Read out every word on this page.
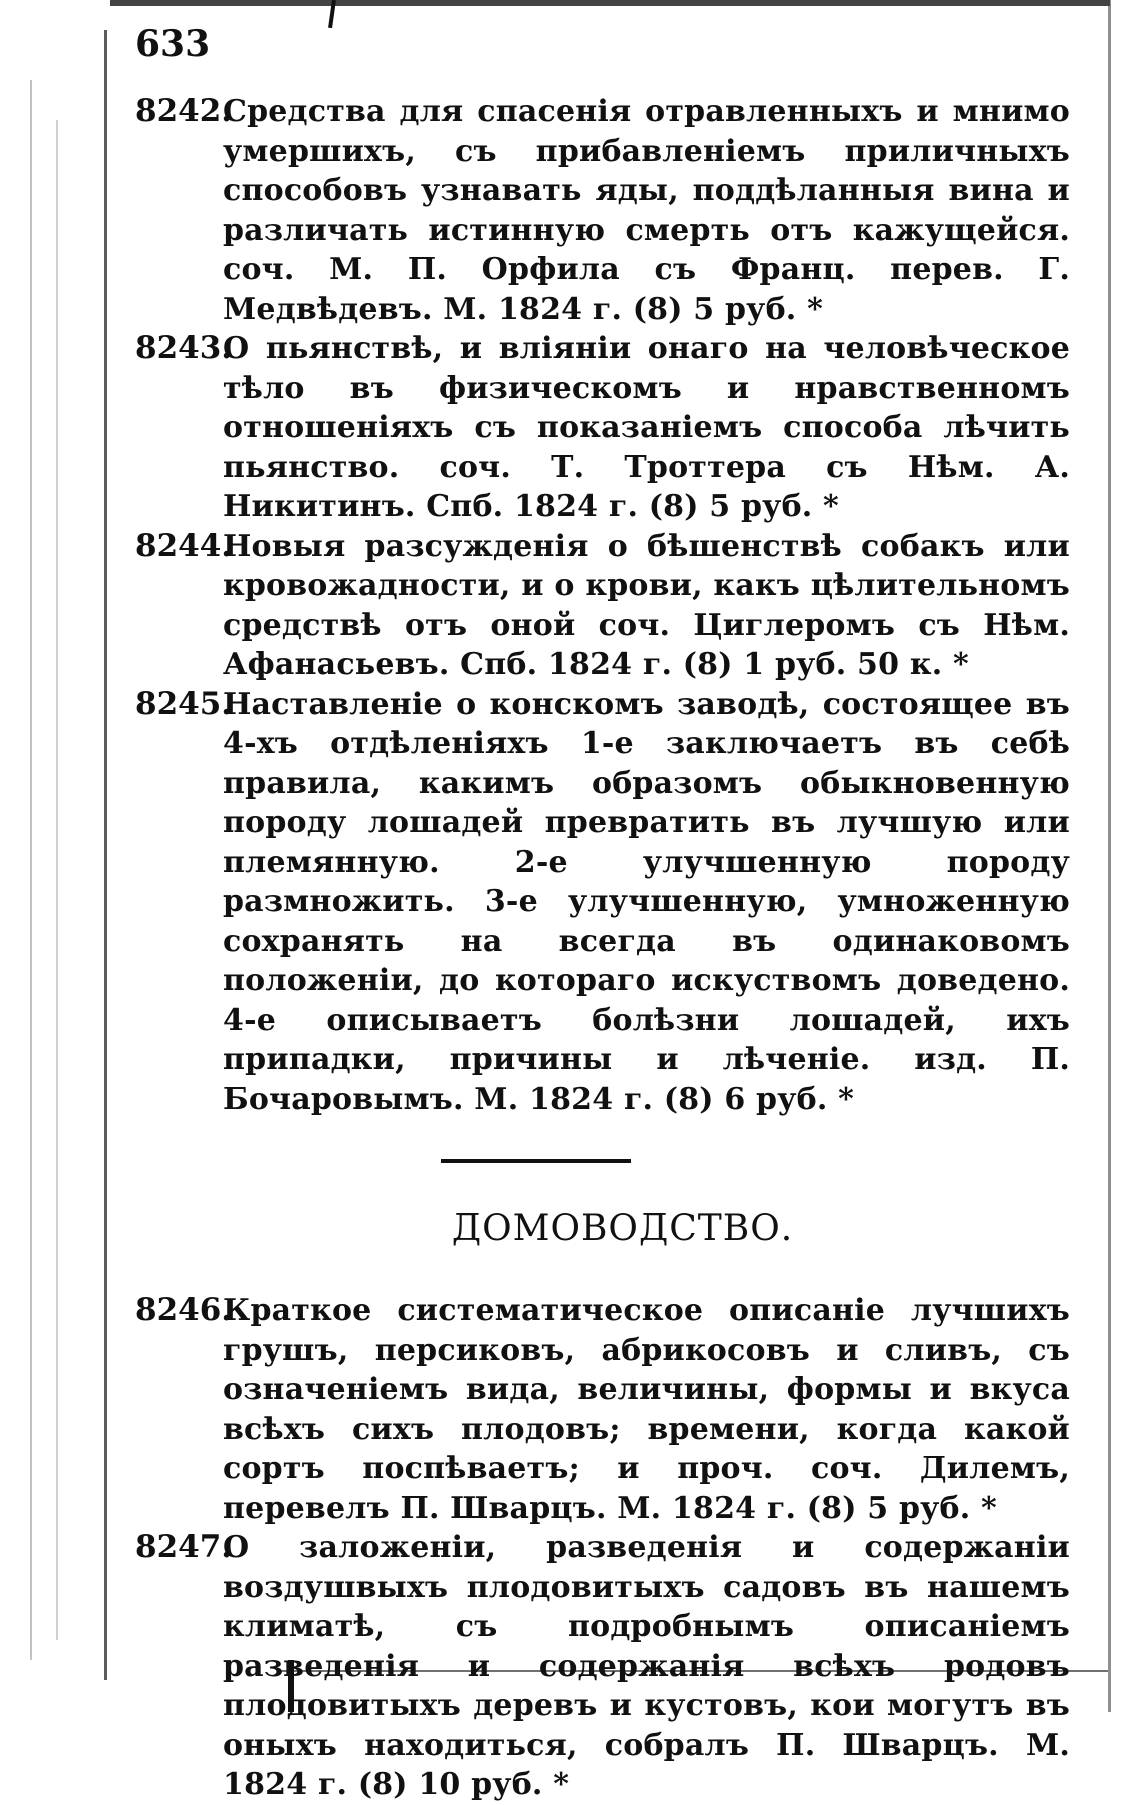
633

8242.
Средства для спасенія отравленныхъ и мнимо умершихъ, съ прибавленіемъ приличныхъ способовъ узнавать яды, поддѣланныя вина и различать истинную смерть отъ кажущейся. соч. М. П. Орфила съ Франц. перев. Г. Медвѣдевъ. М. 1824 г. (8) 5 руб. *

8243.
О пьянствѣ, и вліяніи онаго на человѣческое тѣло въ физическомъ и нравственномъ отношеніяхъ съ показаніемъ способа лѣчить пьянство. соч. Т. Троттера съ Нѣм. А. Никитинъ. Спб. 1824 г. (8) 5 руб. *

8244.
Новыя разсужденія о бѣшенствѣ собакъ или кровожадности, и о крови, какъ цѣлительномъ средствѣ отъ оной соч. Циглеромъ съ Нѣм. Афанасьевъ. Спб. 1824 г. (8) 1 руб. 50 к. *

8245.
Наставленіе о конскомъ заводѣ, состоящее въ 4-хъ отдѣленіяхъ 1-е заключаетъ въ себѣ правила, какимъ образомъ обыкновенную породу лошадей превратить въ лучшую или племянную. 2-е улучшенную породу размножить. 3-е улучшенную, умноженную сохранять на всегда въ одинаковомъ положеніи, до котораго искуствомъ доведено. 4-е описываетъ болѣзни лошадей, ихъ припадки, причины и лѣченіе. изд. П. Бочаровымъ. М. 1824 г. (8) 6 руб. *

ДОМОВОДСТВО.

8246.
Краткое систематическое описаніе лучшихъ грушъ, персиковъ, абрикосовъ и сливъ, съ означеніемъ вида, величины, формы и вкуса всѣхъ сихъ плодовъ; времени, когда какой сортъ поспѣваетъ; и проч. соч. Дилемъ, перевелъ П. Шварцъ. М. 1824 г. (8) 5 руб. *

8247.
О заложеніи, разведенія и содержаніи воздушвыхъ плодовитыхъ садовъ въ нашемъ климатѣ, съ подробнымъ описаніемъ разведенія и содержанія всѣхъ родовъ плодовитыхъ деревъ и кустовъ, кои могутъ въ оныхъ находиться, собралъ П. Шварцъ. М. 1824 г. (8) 10 руб. *
